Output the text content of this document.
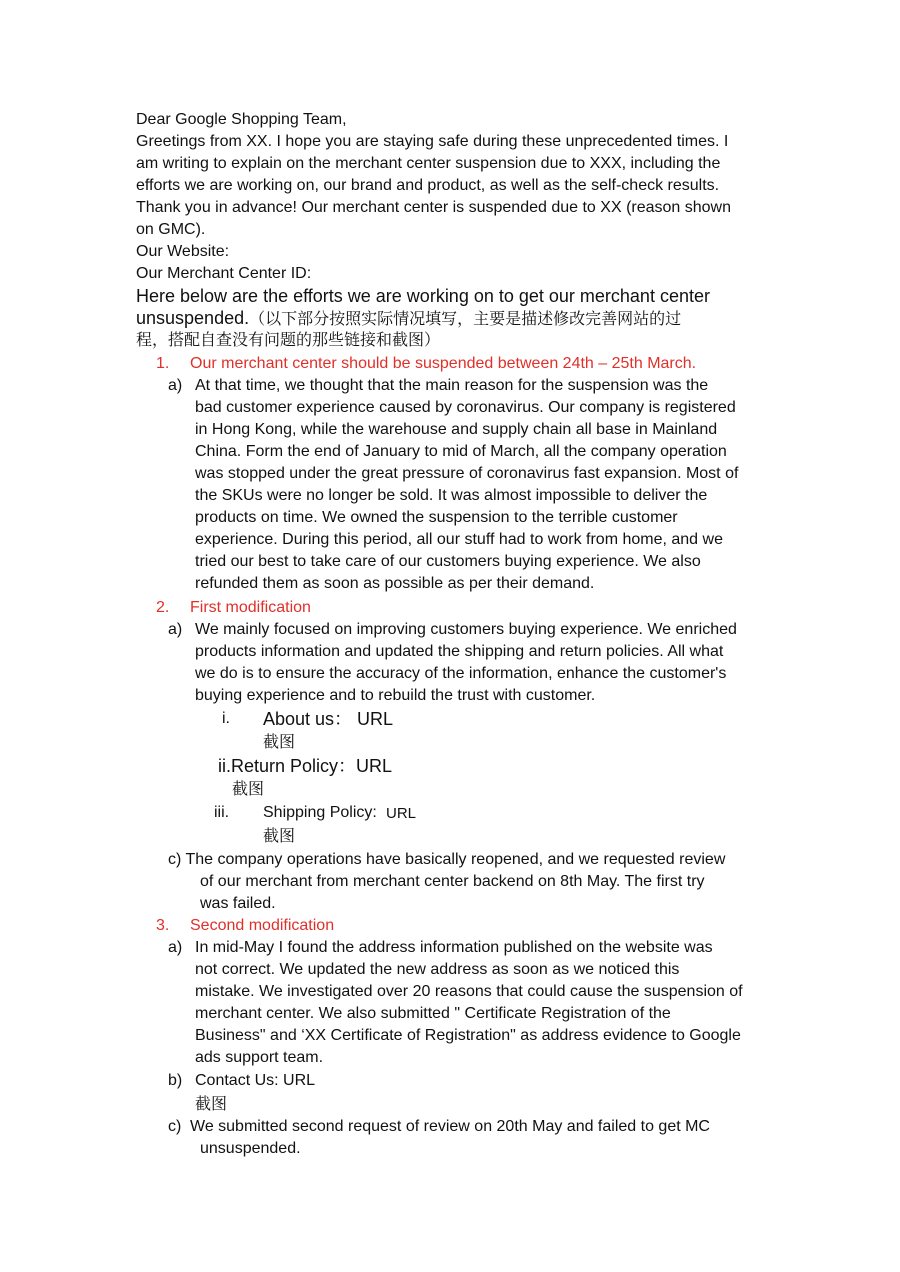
Dear Google Shopping Team,
Greetings from XX. I hope you are staying safe during these unprecedented times. I
am writing to explain on the merchant center suspension due to XXX, including the
efforts we are working on, our brand and product, as well as the self-check results.
Thank you in advance! Our merchant center is suspended due to XX (reason shown
on GMC).
Our Website:
Our Merchant Center ID:
Here below are the efforts we are working on to get our merchant center
unsuspended.（以下部分按照实际情况填写，主要是描述修改完善网站的过
程，搭配自查没有问题的那些链接和截图）
1. Our merchant center should be suspended between 24th – 25th March.
a) At that time, we thought that the main reason for the suspension was the
bad customer experience caused by coronavirus. Our company is registered
in Hong Kong, while the warehouse and supply chain all base in Mainland
China. Form the end of January to mid of March, all the company operation
was stopped under the great pressure of coronavirus fast expansion. Most of
the SKUs were no longer be sold. It was almost impossible to deliver the
products on time. We owned the suspension to the terrible customer
experience. During this period, all our stuff had to work from home, and we
tried our best to take care of our customers buying experience. We also
refunded them as soon as possible as per their demand.
2. First modification
a) We mainly focused on improving customers buying experience. We enriched
products information and updated the shipping and return policies. All what
we do is to ensure the accuracy of the information, enhance the customer's
buying experience and to rebuild the trust with customer.
i. About us： URL
截图
ii.Return Policy：URL
截图
iii. Shipping Policy: URL
截图
c) The company operations have basically reopened, and we requested review
of our merchant from merchant center backend on 8th May. The first try
was failed.
3. Second modification
a) In mid-May I found the address information published on the website was
not correct. We updated the new address as soon as we noticed this
mistake. We investigated over 20 reasons that could cause the suspension of
merchant center. We also submitted " Certificate Registration of the
Business" and ‘XX Certificate of Registration" as address evidence to Google
ads support team.
b) Contact Us: URL
截图
c) We submitted second request of review on 20th May and failed to get MC
unsuspended.
